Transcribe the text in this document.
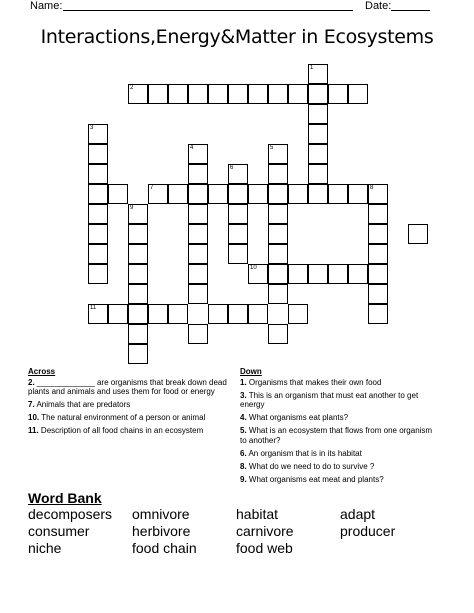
Name:	Date:
Interactions,Energy&Matter in Ecosystems
1
2
3
4	5
6
7	8
9
10
11
Across
2. _____________ are organisms that break down dead plants and animals and uses them for food or energy
7. Animals that are predators
10. The natural environment of a person or animal
11. Description of all food chains in an ecosystem
Down
1. Organisms that makes their own food
3. This is an organism that must eat another to get energy
4. What organisms eat plants?
5. What is an ecosystem that flows from one organism to another?
6. An organism that is in its habitat
8. What do we need to do to survive ?
9. What organisms eat meat and plants?
Word Bank
decomposers omnivore	habitat	adapt
consumer	herbivore	carnivore	producer
niche	food chain	food web
